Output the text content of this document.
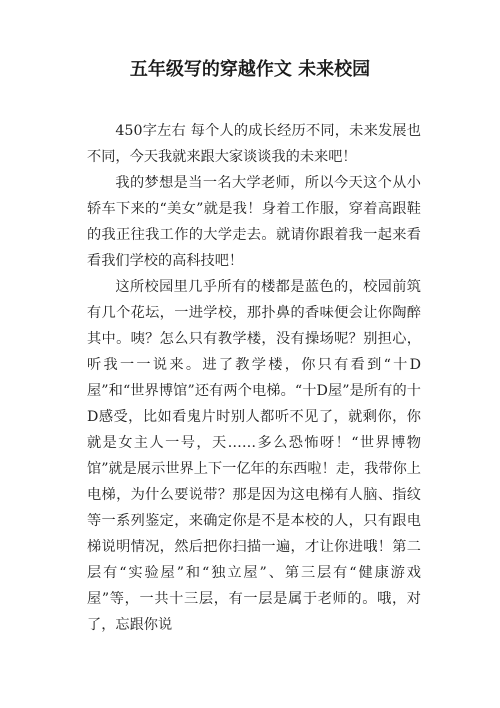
五年级写的穿越作文 未来校园

450字左右 每个人的成长经历不同，未来发展也不同，今天我就来跟大家谈谈我的未来吧！

我的梦想是当一名大学老师，所以今天这个从小轿车下来的“美女”就是我！身着工作服，穿着高跟鞋的我正往我工作的大学走去。就请你跟着我一起来看看我们学校的高科技吧！

这所校园里几乎所有的楼都是蓝色的，校园前筑有几个花坛，一进学校，那扑鼻的香味便会让你陶醉其中。咦？怎么只有教学楼，没有操场呢？别担心，听我一一说来。进了教学楼，你只有看到“十D屋”和“世界博馆”还有两个电梯。“十D屋”是所有的十D感受，比如看鬼片时别人都听不见了，就剩你，你就是女主人一号，天……多么恐怖呀！“世界博物馆”就是展示世界上下一亿年的东西啦！走，我带你上电梯，为什么要说带？那是因为这电梯有人脑、指纹等一系列鉴定，来确定你是不是本校的人，只有跟电梯说明情况，然后把你扫描一遍，才让你进哦！第二层有“实验屋”和“独立屋”、第三层有“健康游戏屋”等，一共十三层，有一层是属于老师的。哦，对了，忘跟你说
